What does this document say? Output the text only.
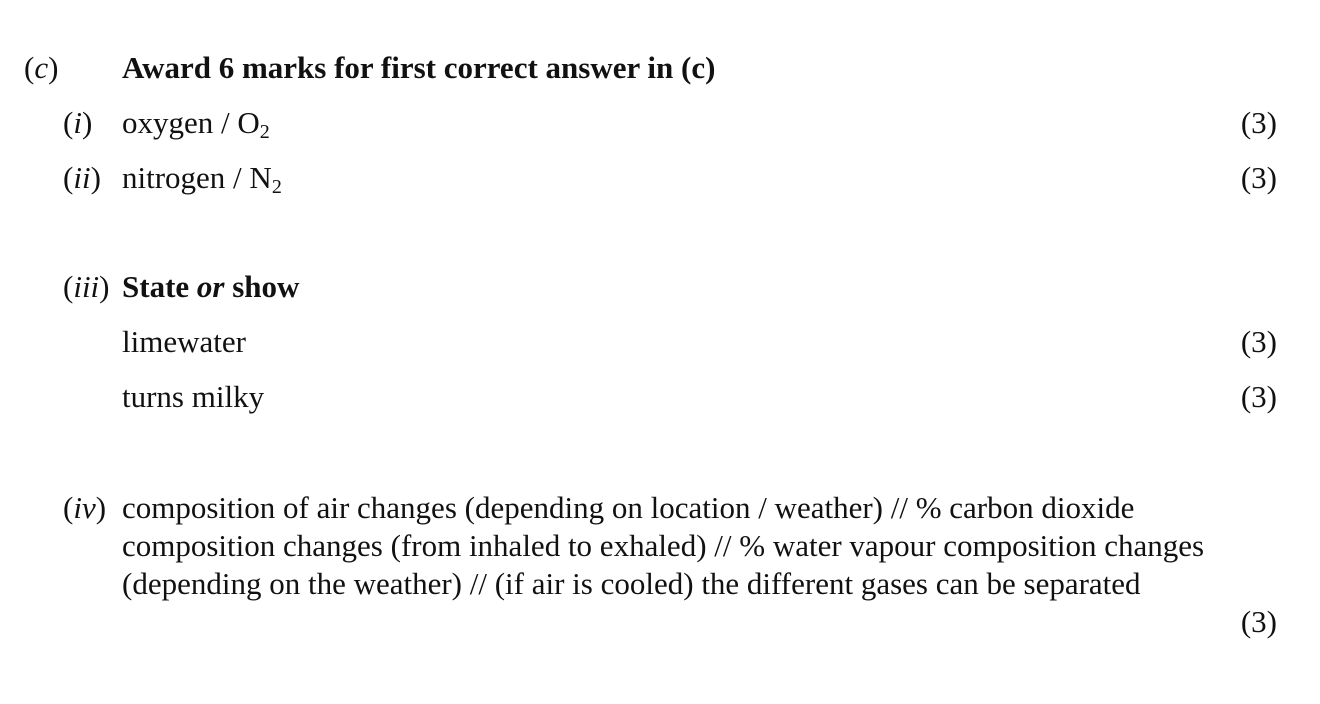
(c) Award 6 marks for first correct answer in (c)
(i) oxygen / $O_2$	(3)
(ii) nitrogen / $N_2$	(3)
(iii) State or show
limewater	(3)
turns milky	(3)
(iv) composition of air changes (depending on location / weather) // % carbon dioxide composition changes (from inhaled to exhaled) // % water vapour composition changes (depending on the weather) // (if air is cooled) the different gases can be separated
(3)
